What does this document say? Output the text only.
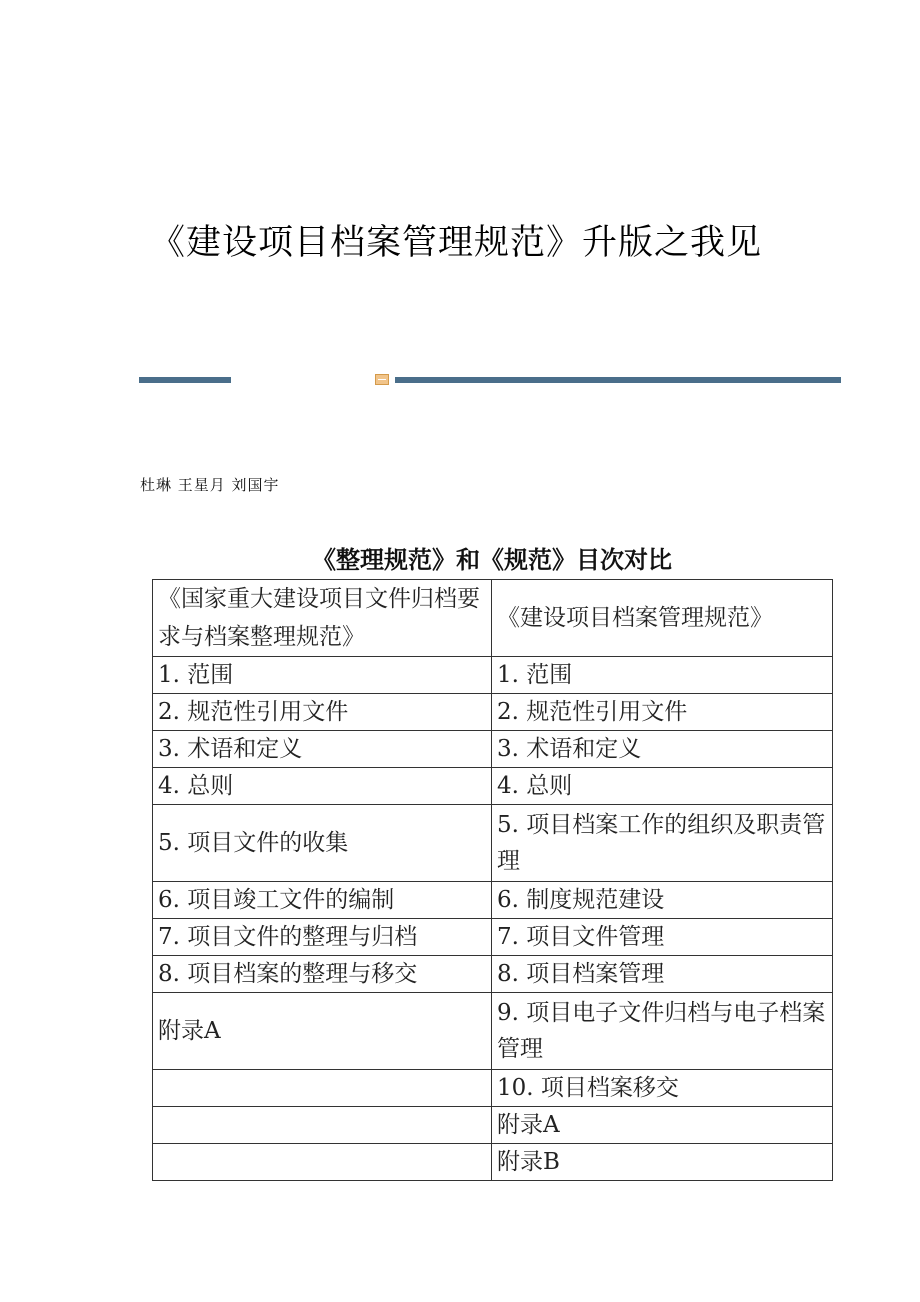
《建设项目档案管理规范》升版之我见
杜琳 王星月 刘国宇
《整理规范》和《规范》目次对比
《国家重大建设项目文件归档要求与档案整理规范》	《建设项目档案管理规范》
1. 范围	1. 范围
2. 规范性引用文件	2. 规范性引用文件
3. 术语和定义	3. 术语和定义
4. 总则	4. 总则
5. 项目文件的收集	5. 项目档案工作的组织及职责管理
6. 项目竣工文件的编制	6. 制度规范建设
7. 项目文件的整理与归档	7. 项目文件管理
8. 项目档案的整理与移交	8. 项目档案管理
附录A	9. 项目电子文件归档与电子档案管理
	10. 项目档案移交
	附录A
	附录B
